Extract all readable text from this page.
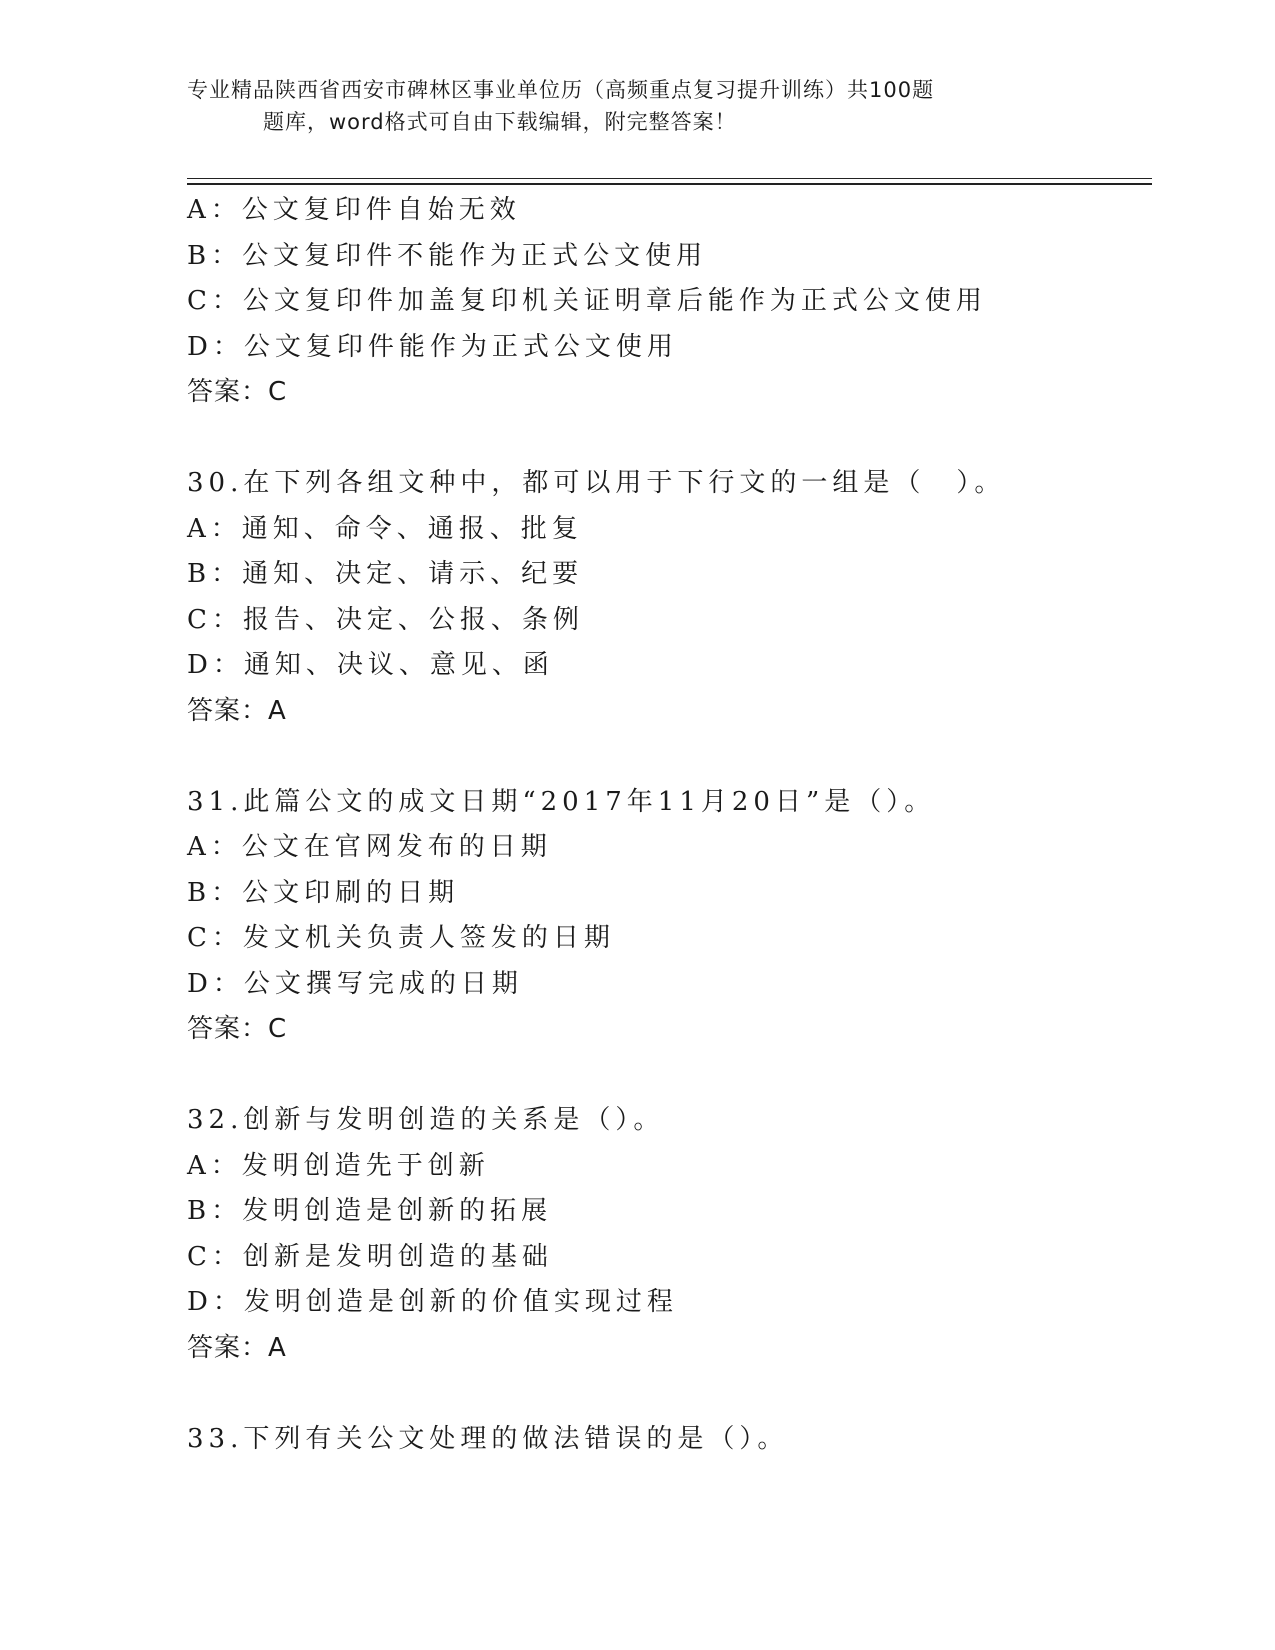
专业精品陕西省西安市碑林区事业单位历（高频重点复习提升训练）共100题
题库，word格式可自由下载编辑，附完整答案！
A：公文复印件自始无效
B：公文复印件不能作为正式公文使用
C：公文复印件加盖复印机关证明章后能作为正式公文使用
D：公文复印件能作为正式公文使用
答案：C
30.在下列各组文种中，都可以用于下行文的一组是（　）。
A：通知、命令、通报、批复
B：通知、决定、请示、纪要
C：报告、决定、公报、条例
D：通知、决议、意见、函
答案：A
31.此篇公文的成文日期“2017年11月20日”是（）。
A：公文在官网发布的日期
B：公文印刷的日期
C：发文机关负责人签发的日期
D：公文撰写完成的日期
答案：C
32.创新与发明创造的关系是（）。
A：发明创造先于创新
B：发明创造是创新的拓展
C：创新是发明创造的基础
D：发明创造是创新的价值实现过程
答案：A
33.下列有关公文处理的做法错误的是（）。
